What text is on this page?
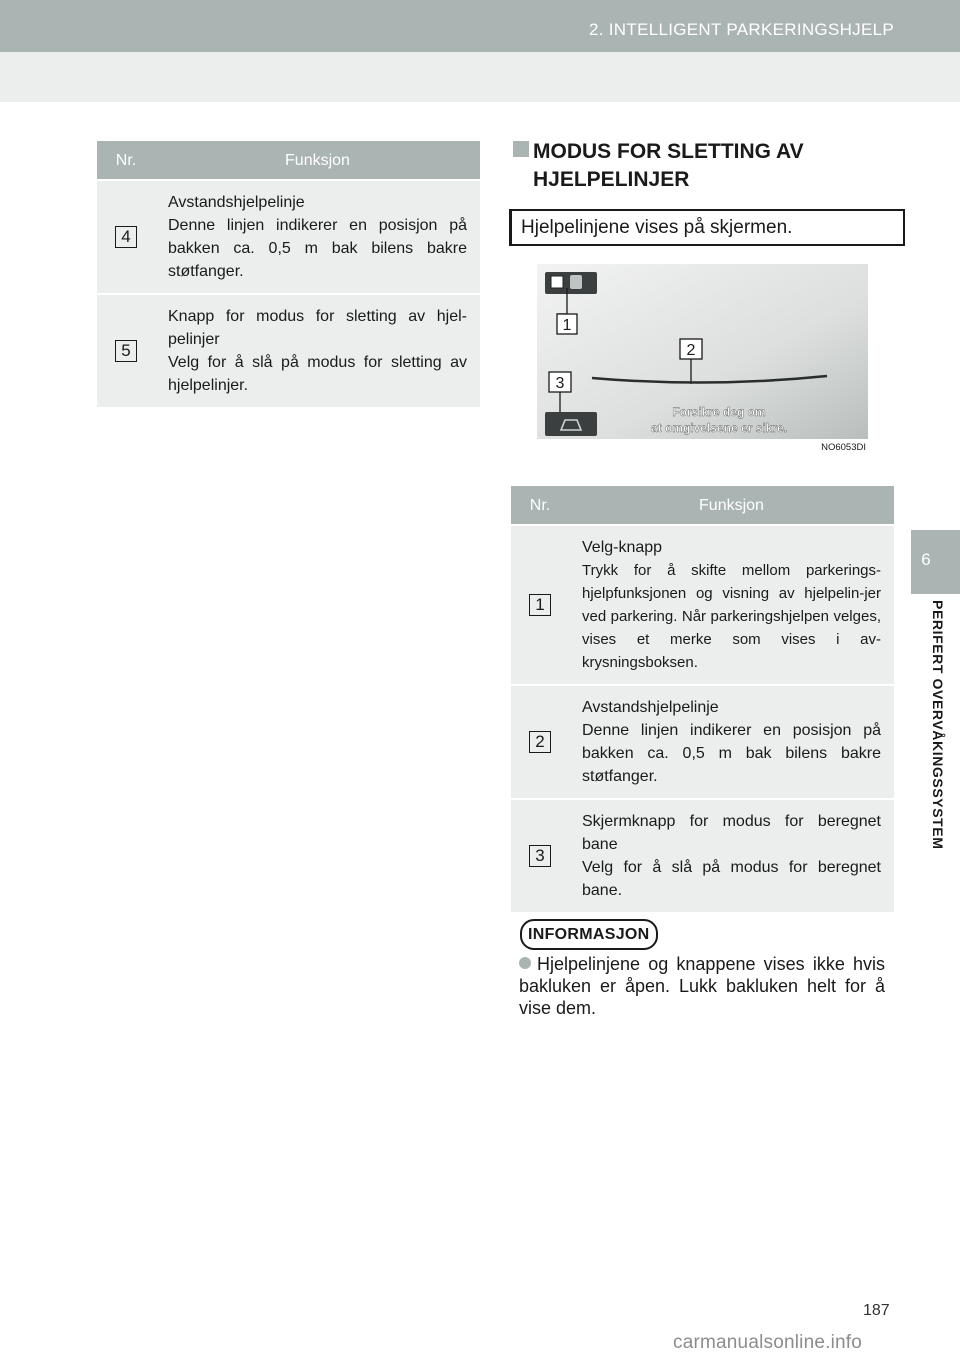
2. INTELLIGENT PARKERINGSHJELP
6
PERIFERT OVERVÅKINGSSYSTEM
Nr.	Funksjon
4	Avstandshjelpelinje
Denne linjen indikerer en posisjon på bakken ca. 0,5 m bak bilens bakre støtfanger.

5	Knapp for modus for sletting av hjel-pelinjer
Velg for å slå på modus for sletting av hjelpelinjer.
MODUS FOR SLETTING AV
HJELPELINJER
Hjelpelinjene vises på skjermen.
1
2
3
Forsikre deg om
at omgivelsene er sikre.
NO6053DI
Nr.	Funksjon
1	Velg-knapp
Trykk for å skifte mellom parkerings-hjelpfunksjonen og visning av hjelpelin-jer ved parkering. Når parkeringshjelpen velges, vises et merke som vises i av-krysningsboksen.

2	Avstandshjelpelinje
Denne linjen indikerer en posisjon på bakken ca. 0,5 m bak bilens bakre støtfanger.

3	Skjermknapp for modus for beregnet bane
Velg for å slå på modus for beregnet bane.
INFORMASJON
Hjelpelinjene og knappene vises ikke hvis bakluken er åpen. Lukk bakluken helt for å vise dem.
187
carmanualsonline.info
